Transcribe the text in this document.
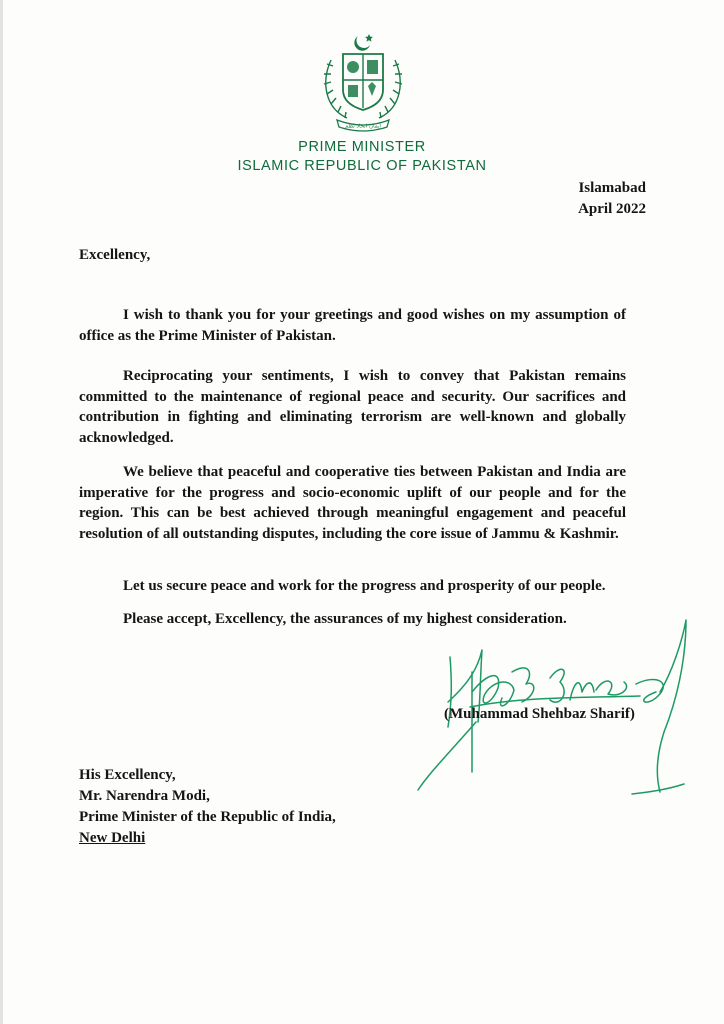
ایمان اتحاد نظم
PRIME MINISTER
ISLAMIC REPUBLIC OF PAKISTAN
Islamabad
April 2022
Excellency,

I wish to thank you for your greetings and good wishes on my assumption of office as the Prime Minister of Pakistan.

Reciprocating your sentiments, I wish to convey that Pakistan remains committed to the maintenance of regional peace and security. Our sacrifices and contribution in fighting and eliminating terrorism are well-known and globally acknowledged.

We believe that peaceful and cooperative ties between Pakistan and India are imperative for the progress and socio-economic uplift of our people and for the region. This can be best achieved through meaningful engagement and peaceful resolution of all outstanding disputes, including the core issue of Jammu & Kashmir.

Let us secure peace and work for the progress and prosperity of our people.

Please accept, Excellency, the assurances of my highest consideration.

(Muhammad Shehbaz Sharif)
His Excellency,
Mr. Narendra Modi,
Prime Minister of the Republic of India,
New Delhi
